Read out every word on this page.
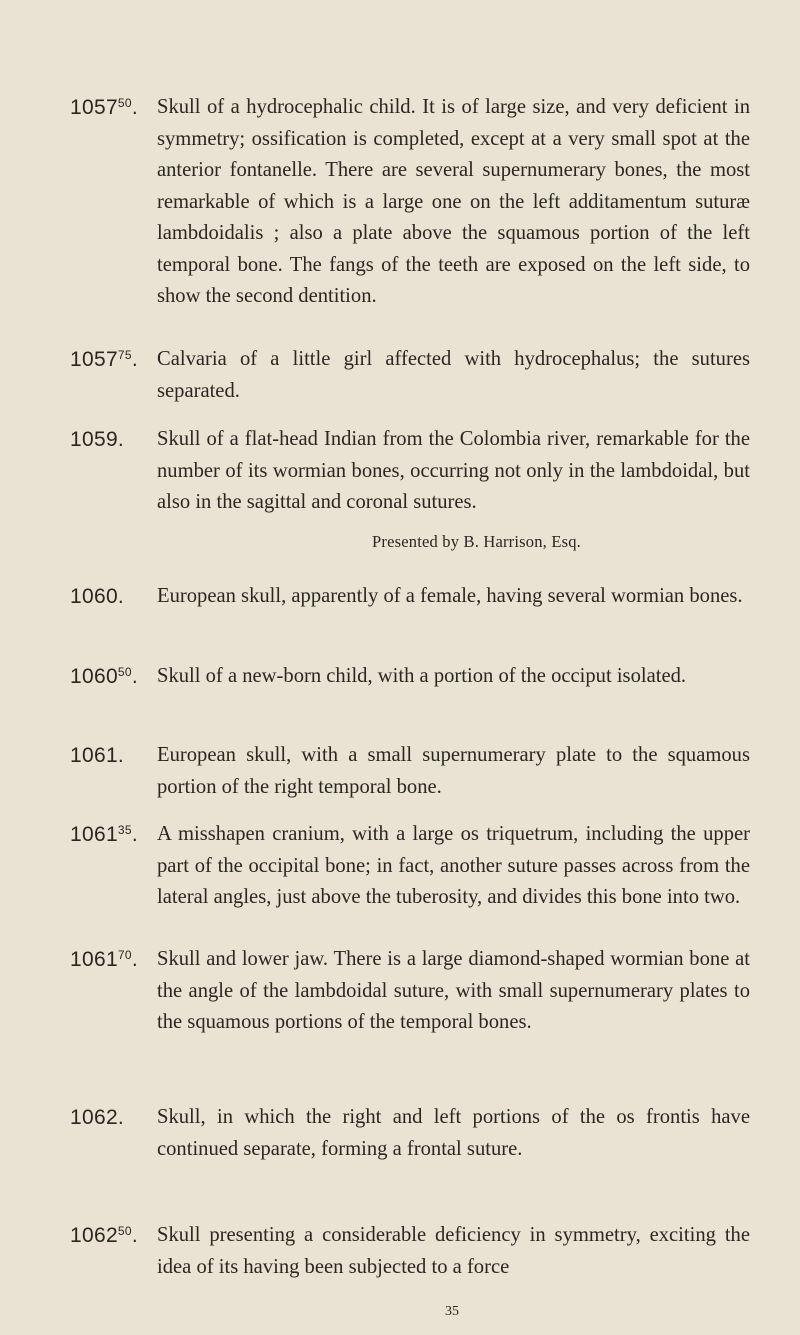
1057$^{50}$. Skull of a hydrocephalic child. It is of large size, and very deficient in symmetry; ossification is completed, except at a very small spot at the anterior fontanelle. There are several supernumerary bones, the most remarkable of which is a large one on the left additamentum suturæ lambdoidalis ; also a plate above the squamous portion of the left temporal bone. The fangs of the teeth are exposed on the left side, to show the second dentition.
1057$^{75}$. Calvaria of a little girl affected with hydrocephalus; the sutures separated.
1059. Skull of a flat-head Indian from the Colombia river, remarkable for the number of its wormian bones, occurring not only in the lambdoidal, but also in the sagittal and coronal sutures.
Presented by B. Harrison, Esq.
1060. European skull, apparently of a female, having several wormian bones.
1060$^{50}$. Skull of a new-born child, with a portion of the occiput isolated.
1061. European skull, with a small supernumerary plate to the squamous portion of the right temporal bone.
1061$^{35}$. A misshapen cranium, with a large os triquetrum, including the upper part of the occipital bone; in fact, another suture passes across from the lateral angles, just above the tuberosity, and divides this bone into two.
1061$^{70}$. Skull and lower jaw. There is a large diamond-shaped wormian bone at the angle of the lambdoidal suture, with small supernumerary plates to the squamous portions of the temporal bones.
1062. Skull, in which the right and left portions of the os frontis have continued separate, forming a frontal suture.
1062$^{50}$. Skull presenting a considerable deficiency in symmetry, exciting the idea of its having been subjected to a force
35
